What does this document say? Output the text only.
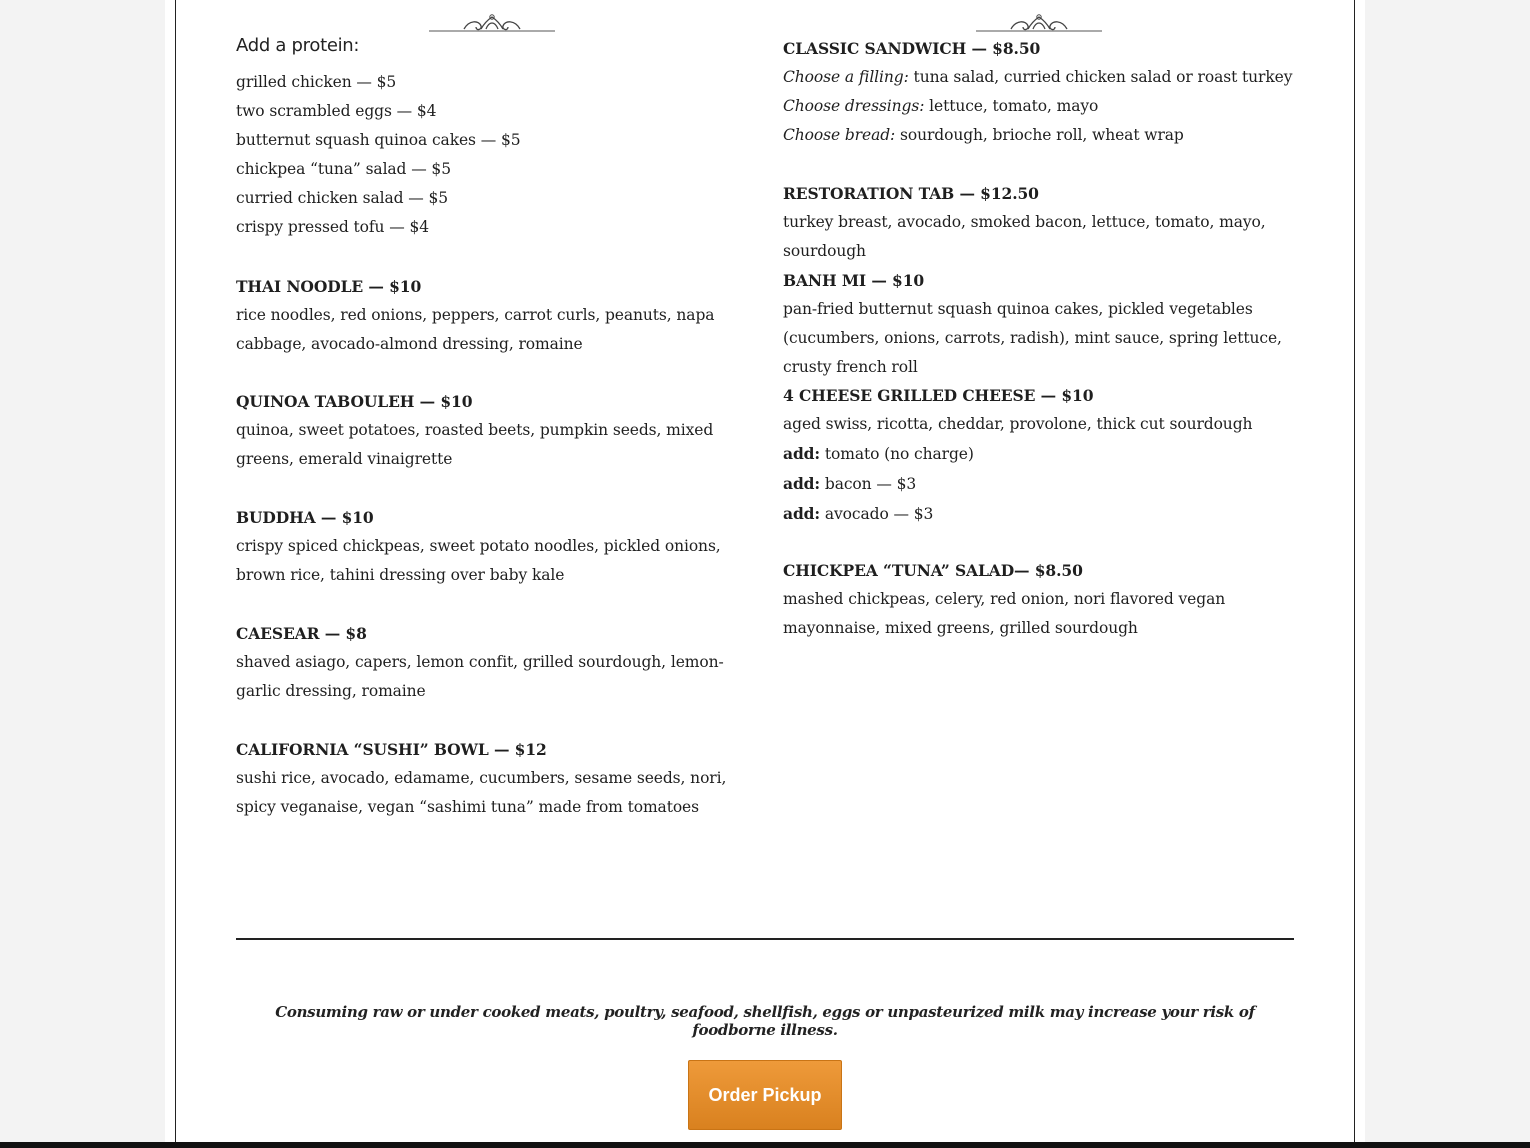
Add a protein:

grilled chicken — $5

two scrambled eggs — $4

butternut squash quinoa cakes — $5

chickpea “tuna” salad — $5

curried chicken salad — $5

crispy pressed tofu — $4

THAI NOODLE — $10

rice noodles, red onions, peppers, carrot curls, peanuts, napa cabbage, avocado-almond dressing, romaine

QUINOA TABOULEH — $10

quinoa, sweet potatoes, roasted beets, pumpkin seeds, mixed greens, emerald vinaigrette

BUDDHA — $10

crispy spiced chickpeas, sweet potato noodles, pickled onions, brown rice, tahini dressing over baby kale

CAESEAR — $8

shaved asiago, capers, lemon confit, grilled sourdough, lemon-garlic dressing, romaine

CALIFORNIA “SUSHI” BOWL — $12

sushi rice, avocado, edamame, cucumbers, sesame seeds, nori, spicy veganaise, vegan “sashimi tuna” made from tomatoes

CLASSIC SANDWICH — $8.50

Choose a filling: tuna salad, curried chicken salad or roast turkey

Choose dressings: lettuce, tomato, mayo

Choose bread: sourdough, brioche roll, wheat wrap

RESTORATION TAB — $12.50

turkey breast, avocado, smoked bacon, lettuce, tomato, mayo, sourdough

BANH MI — $10

pan-fried butternut squash quinoa cakes, pickled vegetables (cucumbers, onions, carrots, radish), mint sauce, spring lettuce, crusty french roll

4 CHEESE GRILLED CHEESE — $10

aged swiss, ricotta, cheddar, provolone, thick cut sourdough

add: tomato (no charge)

add: bacon — $3

add: avocado — $3

CHICKPEA “TUNA” SALAD— $8.50

mashed chickpeas, celery, red onion, nori flavored vegan mayonnaise, mixed greens, grilled sourdough

Consuming raw or under cooked meats, poultry, seafood, shellfish, eggs or unpasteurized milk may increase your risk of foodborne illness.

Order Pickup
